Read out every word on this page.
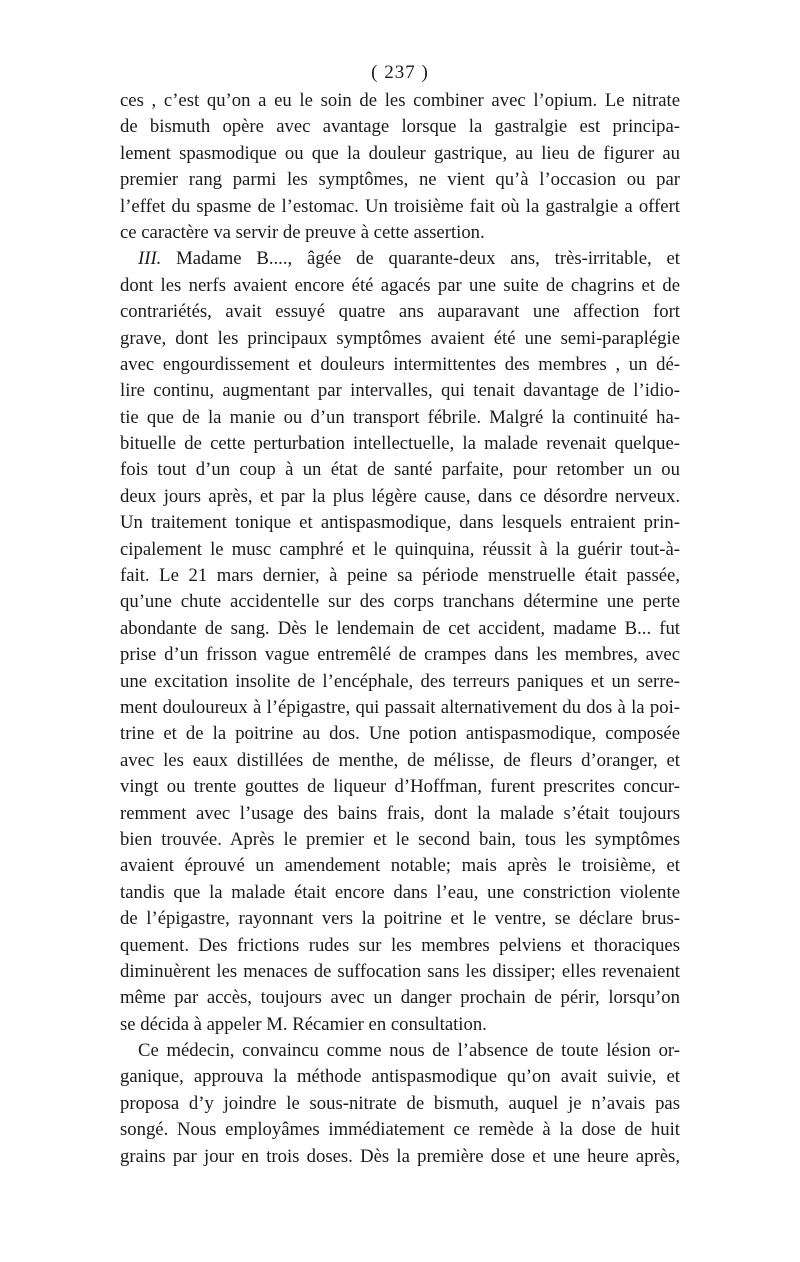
( 237 )
ces , c’est qu’on a eu le soin de les combiner avec l’opium. Le nitrate
de bismuth opère avec avantage lorsque la gastralgie est principa-
lement spasmodique ou que la douleur gastrique, au lieu de figurer au
premier rang parmi les symptômes, ne vient qu’à l’occasion ou par
l’effet du spasme de l’estomac. Un troisième fait où la gastralgie a offert
ce caractère va servir de preuve à cette assertion.
III. Madame B...., âgée de quarante-deux ans, très-irritable, et
dont les nerfs avaient encore été agacés par une suite de chagrins et de
contrariétés, avait essuyé quatre ans auparavant une affection fort
grave, dont les principaux symptômes avaient été une semi-paraplégie
avec engourdissement et douleurs intermittentes des membres , un dé-
lire continu, augmentant par intervalles, qui tenait davantage de l’idio-
tie que de la manie ou d’un transport fébrile. Malgré la continuité ha-
bituelle de cette perturbation intellectuelle, la malade revenait quelque-
fois tout d’un coup à un état de santé parfaite, pour retomber un ou
deux jours après, et par la plus légère cause, dans ce désordre nerveux.
Un traitement tonique et antispasmodique, dans lesquels entraient prin-
cipalement le musc camphré et le quinquina, réussit à la guérir tout-à-
fait. Le 21 mars dernier, à peine sa période menstruelle était passée,
qu’une chute accidentelle sur des corps tranchans détermine une perte
abondante de sang. Dès le lendemain de cet accident, madame B... fut
prise d’un frisson vague entremêlé de crampes dans les membres, avec
une excitation insolite de l’encéphale, des terreurs paniques et un serre-
ment douloureux à l’épigastre, qui passait alternativement du dos à la poi-
trine et de la poitrine au dos. Une potion antispasmodique, composée
avec les eaux distillées de menthe, de mélisse, de fleurs d’oranger, et
vingt ou trente gouttes de liqueur d’Hoffman, furent prescrites concur-
remment avec l’usage des bains frais, dont la malade s’était toujours
bien trouvée. Après le premier et le second bain, tous les symptômes
avaient éprouvé un amendement notable; mais après le troisième, et
tandis que la malade était encore dans l’eau, une constriction violente
de l’épigastre, rayonnant vers la poitrine et le ventre, se déclare brus-
quement. Des frictions rudes sur les membres pelviens et thoraciques
diminuèrent les menaces de suffocation sans les dissiper; elles revenaient
même par accès, toujours avec un danger prochain de périr, lorsqu’on
se décida à appeler M. Récamier en consultation.
Ce médecin, convaincu comme nous de l’absence de toute lésion or-
ganique, approuva la méthode antispasmodique qu’on avait suivie, et
proposa d’y joindre le sous-nitrate de bismuth, auquel je n’avais pas
songé. Nous employâmes immédiatement ce remède à la dose de huit
grains par jour en trois doses. Dès la première dose et une heure après,
